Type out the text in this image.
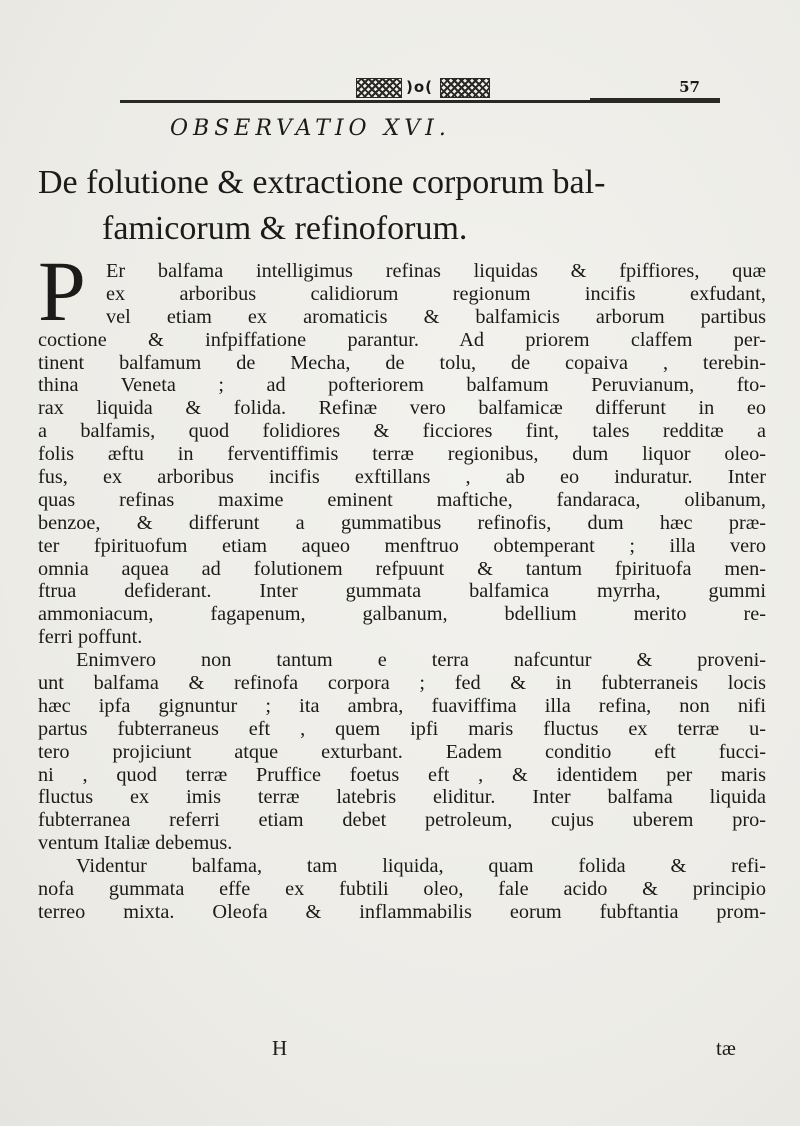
)o(	57
OBSERVATIO XVI.
De folutione & extractione corporum bal-
famicorum & refinoforum.
P Er balfama intelligimus refinas liquidas & fpiffiores, quæ
ex arboribus calidiorum regionum incifis exfudant,
vel etiam ex aromaticis & balfamicis arborum partibus
coctione & infpiffatione parantur. Ad priorem claffem per-
tinent balfamum de Mecha, de tolu, de copaiva , terebin-
thina Veneta ; ad pofteriorem balfamum Peruvianum, fto-
rax liquida & folida. Refinæ vero balfamicæ differunt in eo
a balfamis, quod folidiores & ficciores fint, tales redditæ a
folis æftu in ferventiffimis terræ regionibus, dum liquor oleo-
fus, ex arboribus incifis exftillans , ab eo induratur. Inter
quas refinas maxime eminent maftiche, fandaraca, olibanum,
benzoe, & differunt a gummatibus refinofis, dum hæc præ-
ter fpirituofum etiam aqueo menftruo obtemperant ; illa vero
omnia aquea ad folutionem refpuunt & tantum fpirituofa men-
ftrua defiderant. Inter gummata balfamica myrrha, gummi
ammoniacum, fagapenum, galbanum, bdellium merito re-
ferri poffunt.
Enimvero non tantum e terra nafcuntur & proveni-
unt balfama & refinofa corpora ; fed & in fubterraneis locis
hæc ipfa gignuntur ; ita ambra, fuaviffima illa refina, non nifi
partus fubterraneus eft , quem ipfi maris fluctus ex terræ u-
tero projiciunt atque exturbant. Eadem conditio eft fucci-
ni , quod terræ Pruffice foetus eft , & identidem per maris
fluctus ex imis terræ latebris eliditur. Inter balfama liquida
fubterranea referri etiam debet petroleum, cujus uberem pro-
ventum Italiæ debemus.
Videntur balfama, tam liquida, quam folida & refi-
nofa gummata effe ex fubtili oleo, fale acido & principio
terreo mixta. Oleofa & inflammabilis eorum fubftantia prom-
H	tæ
